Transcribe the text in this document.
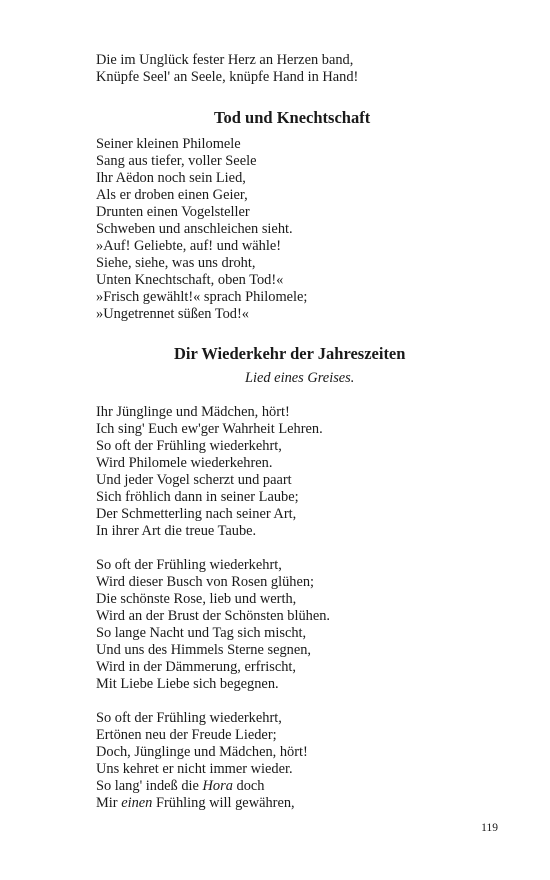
Die im Unglück fester Herz an Herzen band,
Knüpfe Seel' an Seele, knüpfe Hand in Hand!
Tod und Knechtschaft
Seiner kleinen Philomele
Sang aus tiefer, voller Seele
Ihr Aëdon noch sein Lied,
Als er droben einen Geier,
Drunten einen Vogelsteller
Schweben und anschleichen sieht.
»Auf! Geliebte, auf! und wähle!
Siehe, siehe, was uns droht,
Unten Knechtschaft, oben Tod!«
»Frisch gewählt!« sprach Philomele;
»Ungetrennet süßen Tod!«
Dir Wiederkehr der Jahreszeiten
Lied eines Greises.
Ihr Jünglinge und Mädchen, hört!
Ich sing' Euch ew'ger Wahrheit Lehren.
So oft der Frühling wiederkehrt,
Wird Philomele wiederkehren.
Und jeder Vogel scherzt und paart
Sich fröhlich dann in seiner Laube;
Der Schmetterling nach seiner Art,
In ihrer Art die treue Taube.
So oft der Frühling wiederkehrt,
Wird dieser Busch von Rosen glühen;
Die schönste Rose, lieb und werth,
Wird an der Brust der Schönsten blühen.
So lange Nacht und Tag sich mischt,
Und uns des Himmels Sterne segnen,
Wird in der Dämmerung, erfrischt,
Mit Liebe Liebe sich begegnen.
So oft der Frühling wiederkehrt,
Ertönen neu der Freude Lieder;
Doch, Jünglinge und Mädchen, hört!
Uns kehret er nicht immer wieder.
So lang' indeß die Hora doch
Mir einen Frühling will gewähren,
119
